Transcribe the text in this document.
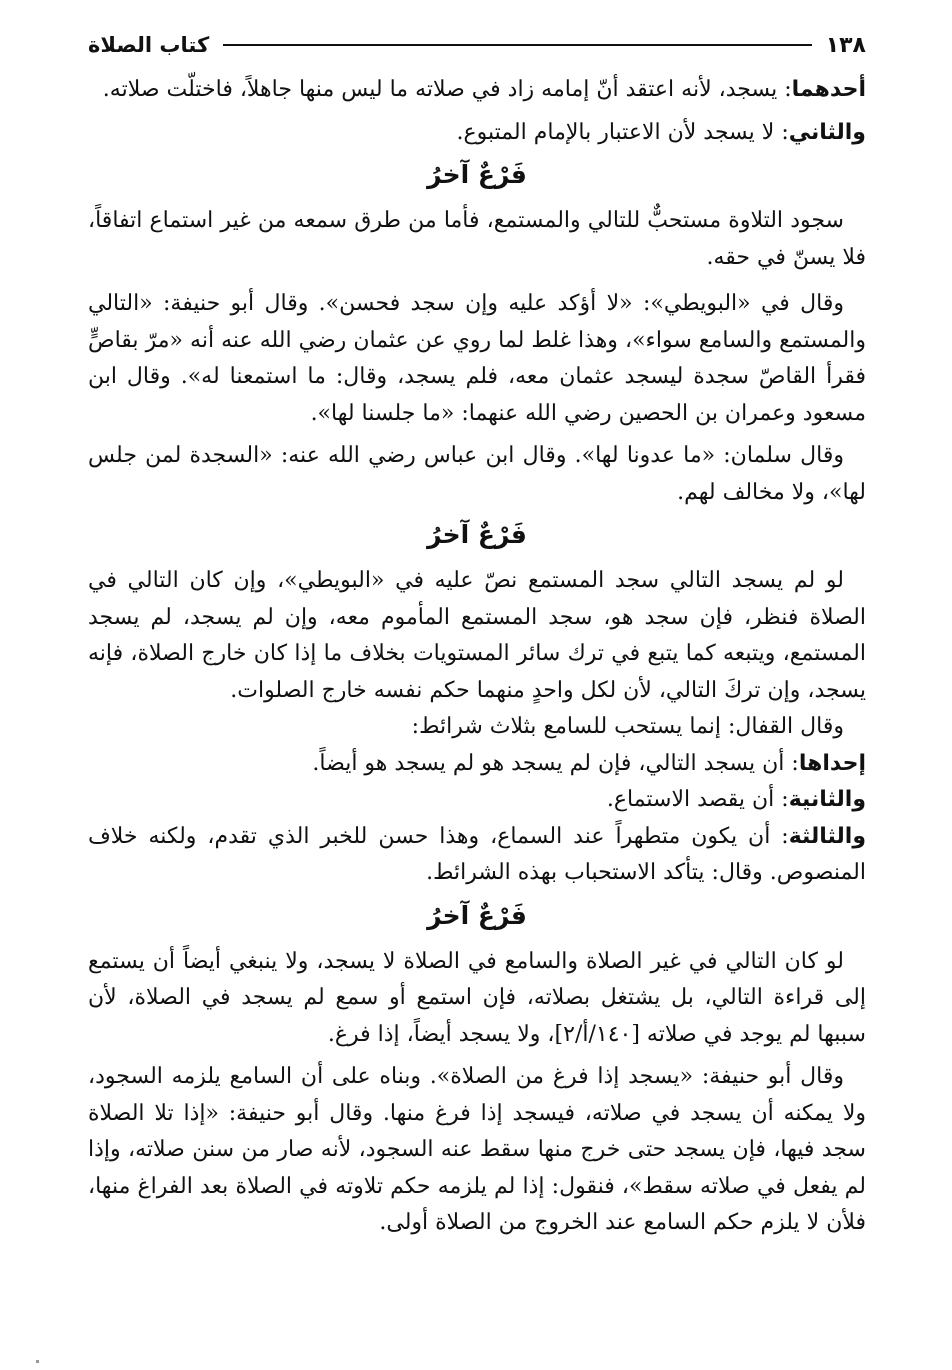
١٣٨
كتاب الصلاة

أحدهما: يسجد، لأنه اعتقد أنّ إمامه زاد في صلاته ما ليس منها جاهلاً، فاختلّت صلاته.

والثاني: لا يسجد لأن الاعتبار بالإمام المتبوع.

فَرْعٌ آخرُ

سجود التلاوة مستحبٌّ للتالي والمستمع، فأما من طرق سمعه من غير استماع اتفاقاً، فلا يسنّ في حقه.

وقال في «البويطي»: «لا أؤكد عليه وإن سجد فحسن». وقال أبو حنيفة: «التالي والمستمع والسامع سواء»، وهذا غلط لما روي عن عثمان رضي الله عنه أنه «مرّ بقاصٍّ فقرأ القاصّ سجدة ليسجد عثمان معه، فلم يسجد، وقال: ما استمعنا له». وقال ابن مسعود وعمران بن الحصين رضي الله عنهما: «ما جلسنا لها».

وقال سلمان: «ما عدونا لها». وقال ابن عباس رضي الله عنه: «السجدة لمن جلس لها»، ولا مخالف لهم.

فَرْعٌ آخرُ

لو لم يسجد التالي سجد المستمع نصّ عليه في «البويطي»، وإن كان التالي في الصلاة فنظر، فإن سجد هو، سجد المستمع المأموم معه، وإن لم يسجد، لم يسجد المستمع، ويتبعه كما يتبع في ترك سائر المستويات بخلاف ما إذا كان خارج الصلاة، فإنه يسجد، وإن تركَ التالي، لأن لكل واحدٍ منهما حكم نفسه خارج الصلوات.

وقال القفال: إنما يستحب للسامع بثلاث شرائط:

إحداها: أن يسجد التالي، فإن لم يسجد هو لم يسجد هو أيضاً.

والثانية: أن يقصد الاستماع.

والثالثة: أن يكون متطهراً عند السماع، وهذا حسن للخبر الذي تقدم، ولكنه خلاف المنصوص. وقال: يتأكد الاستحباب بهذه الشرائط.

فَرْعٌ آخرُ

لو كان التالي في غير الصلاة والسامع في الصلاة لا يسجد، ولا ينبغي أيضاً أن يستمع إلى قراءة التالي، بل يشتغل بصلاته، فإن استمع أو سمع لم يسجد في الصلاة، لأن سببها لم يوجد في صلاته [١٤٠/أ/٢]، ولا يسجد أيضاً، إذا فرغ.

وقال أبو حنيفة: «يسجد إذا فرغ من الصلاة». وبناه على أن السامع يلزمه السجود، ولا يمكنه أن يسجد في صلاته، فيسجد إذا فرغ منها. وقال أبو حنيفة: «إذا تلا الصلاة سجد فيها، فإن يسجد حتى خرج منها سقط عنه السجود، لأنه صار من سنن صلاته، وإذا لم يفعل في صلاته سقط»، فنقول: إذا لم يلزمه حكم تلاوته في الصلاة بعد الفراغ منها، فلأن لا يلزم حكم السامع عند الخروج من الصلاة أولى.
